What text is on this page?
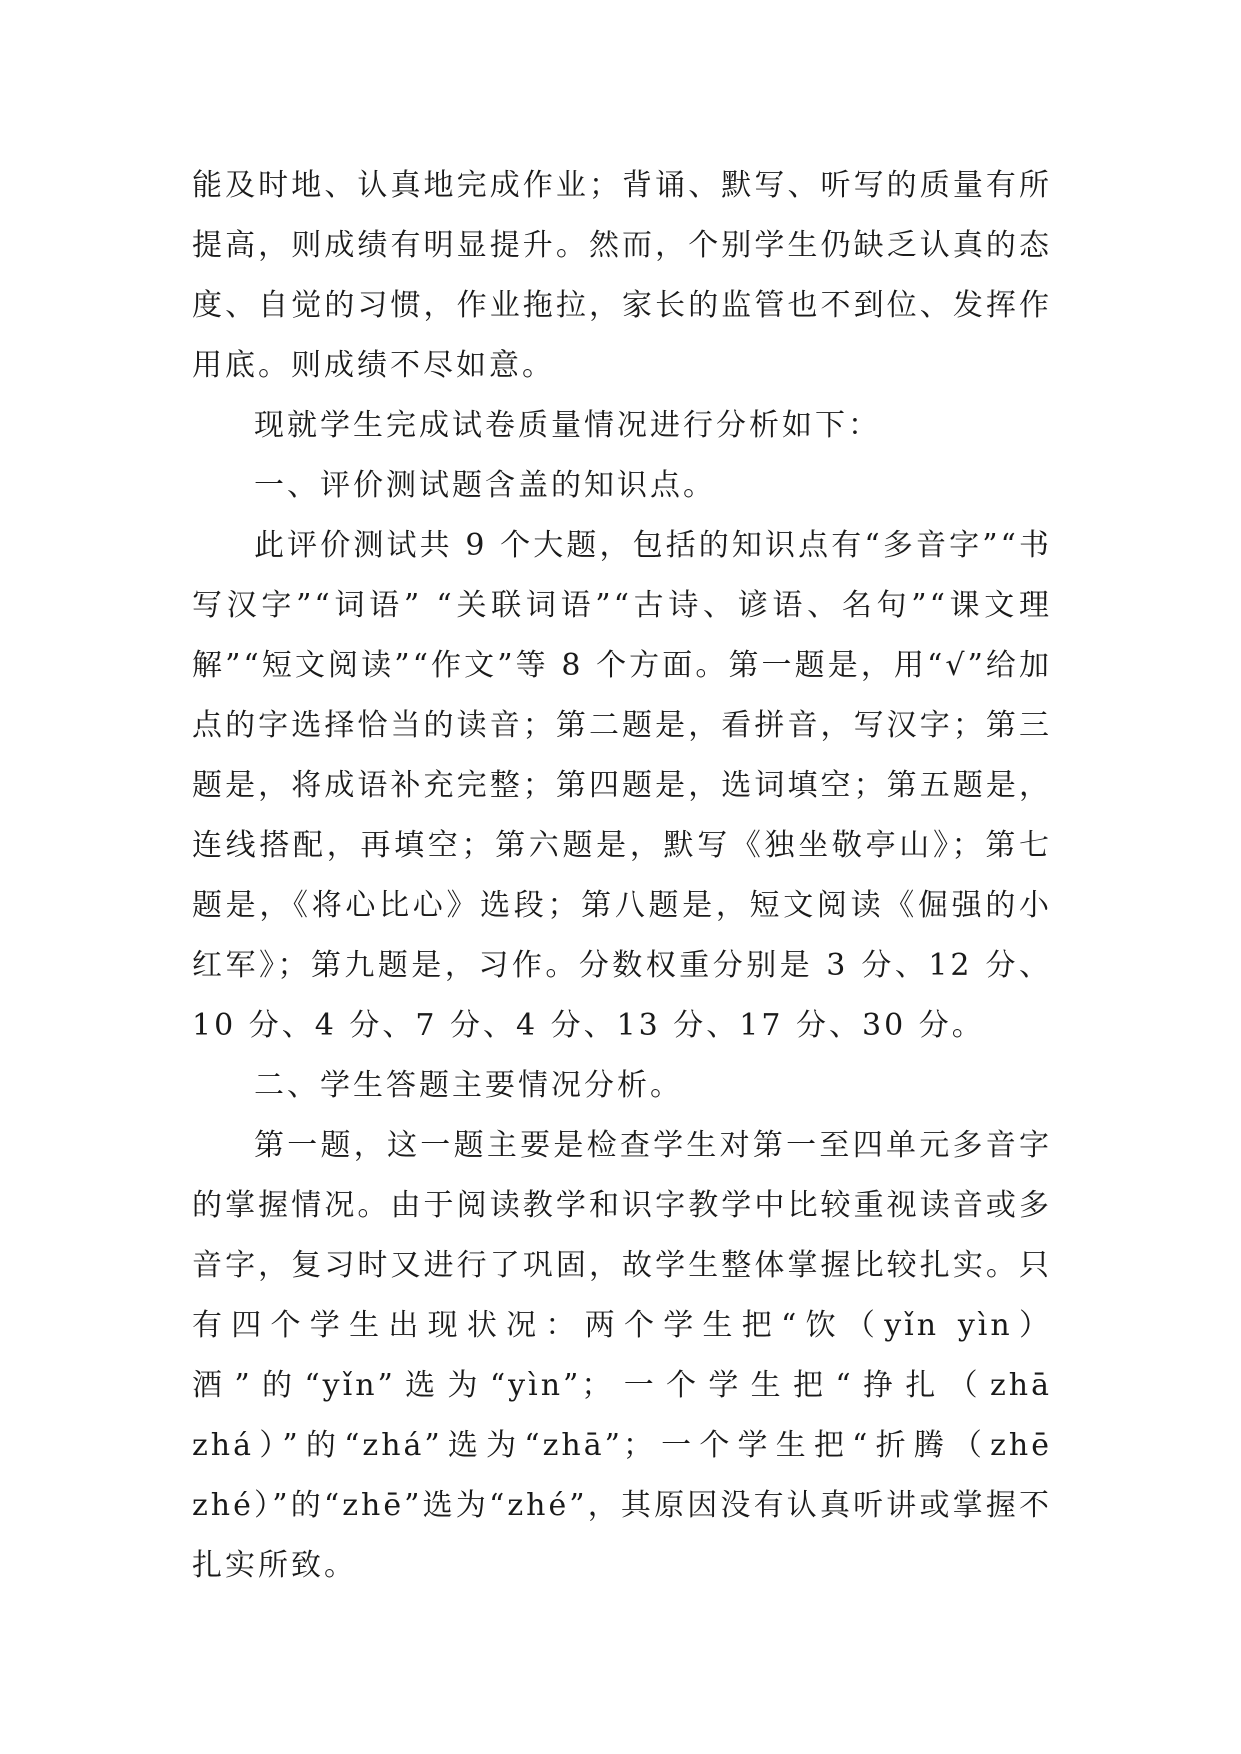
能及时地、认真地完成作业；背诵、默写、听写的质量有所提高，则成绩有明显提升。然而，个别学生仍缺乏认真的态度、自觉的习惯，作业拖拉，家长的监管也不到位、发挥作用底。则成绩不尽如意。

现就学生完成试卷质量情况进行分析如下：

一、评价测试题含盖的知识点。

此评价测试共 9 个大题，包括的知识点有“多音字”“书写汉字”“词语” “关联词语”“古诗、谚语、名句”“课文理解”“短文阅读”“作文”等 8 个方面。第一题是，用“√”给加点的字选择恰当的读音；第二题是，看拼音，写汉字；第三题是，将成语补充完整；第四题是，选词填空；第五题是，连线搭配，再填空；第六题是，默写《独坐敬亭山》；第七题是，《将心比心》选段；第八题是，短文阅读《倔强的小红军》；第九题是，习作。分数权重分别是 3 分、12 分、10 分、4 分、7 分、4 分、13 分、17 分、30 分。

二、学生答题主要情况分析。

第一题，这一题主要是检查学生对第一至四单元多音字的掌握情况。由于阅读教学和识字教学中比较重视读音或多音字，复习时又进行了巩固，故学生整体掌握比较扎实。只有四个学生出现状况：两个学生把“饮（yǐn yìn）酒”的“yǐn”选为“yìn”；一个学生把“挣扎（zhā zhá）”的“zhá”选为“zhā”；一个学生把“折腾（zhē zhé）”的“zhē”选为“zhé”，其原因没有认真听讲或掌握不扎实所致。
